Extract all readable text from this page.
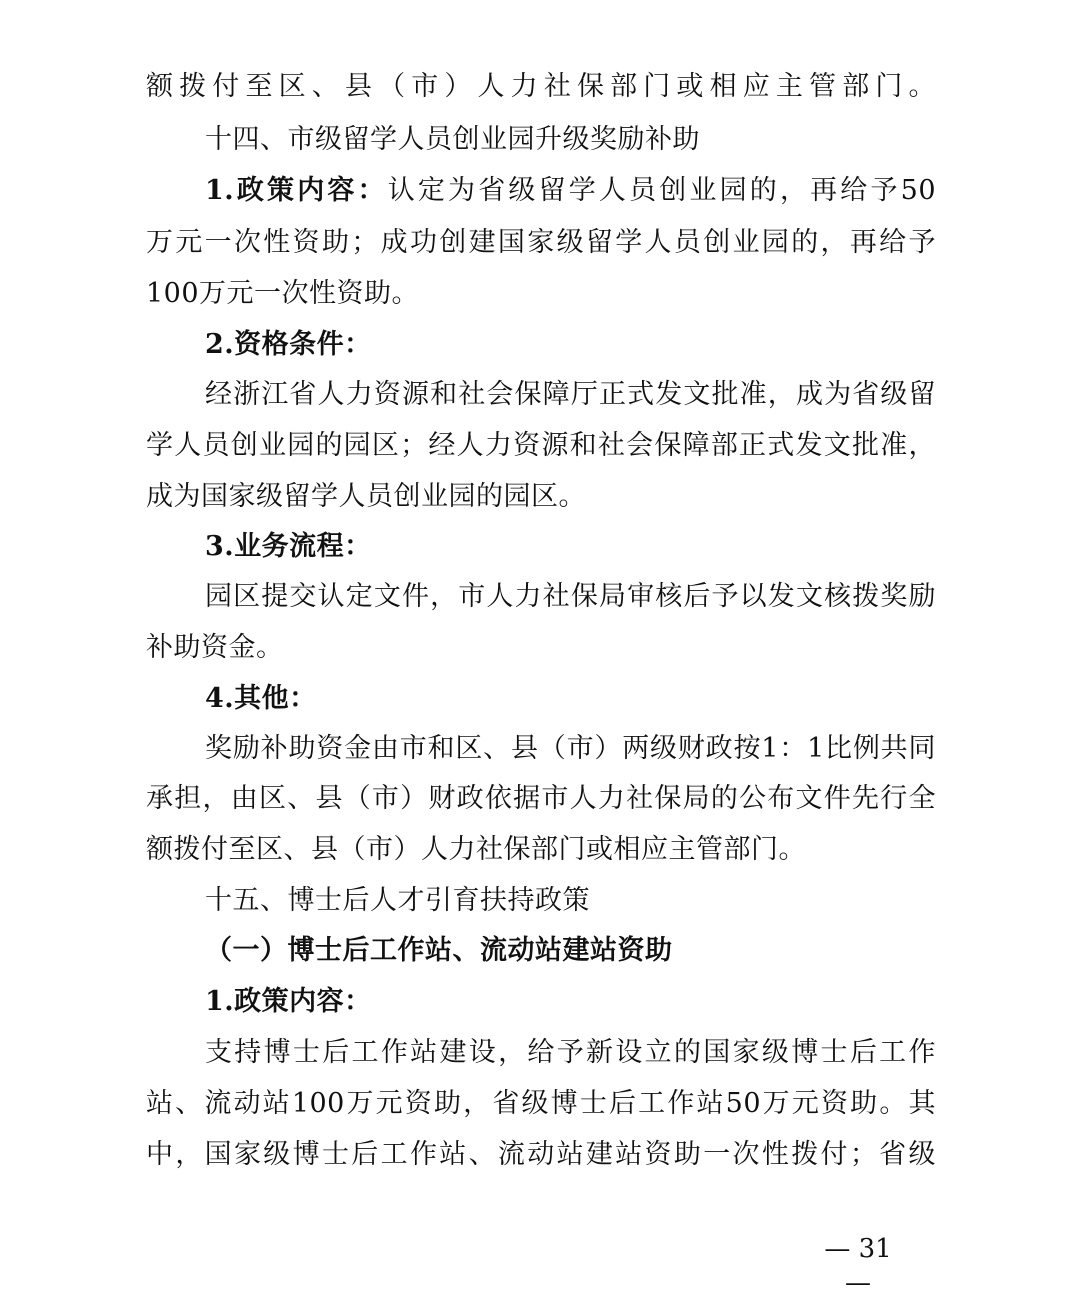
额拨付至区、县（市）人力社保部门或相应主管部门。
十四、市级留学人员创业园升级奖励补助
1.政策内容：认定为省级留学人员创业园的，再给予50
万元一次性资助；成功创建国家级留学人员创业园的，再给予
100万元一次性资助。
2.资格条件：
经浙江省人力资源和社会保障厅正式发文批准，成为省级留
学人员创业园的园区；经人力资源和社会保障部正式发文批准，
成为国家级留学人员创业园的园区。
3.业务流程：
园区提交认定文件，市人力社保局审核后予以发文核拨奖励
补助资金。
4.其他：
奖励补助资金由市和区、县（市）两级财政按1：1比例共同
承担，由区、县（市）财政依据市人力社保局的公布文件先行全
额拨付至区、县（市）人力社保部门或相应主管部门。
十五、博士后人才引育扶持政策
（一）博士后工作站、流动站建站资助
1.政策内容：
支持博士后工作站建设，给予新设立的国家级博士后工作
站、流动站100万元资助，省级博士后工作站50万元资助。其
中，国家级博士后工作站、流动站建站资助一次性拨付；省级
— 31 —
